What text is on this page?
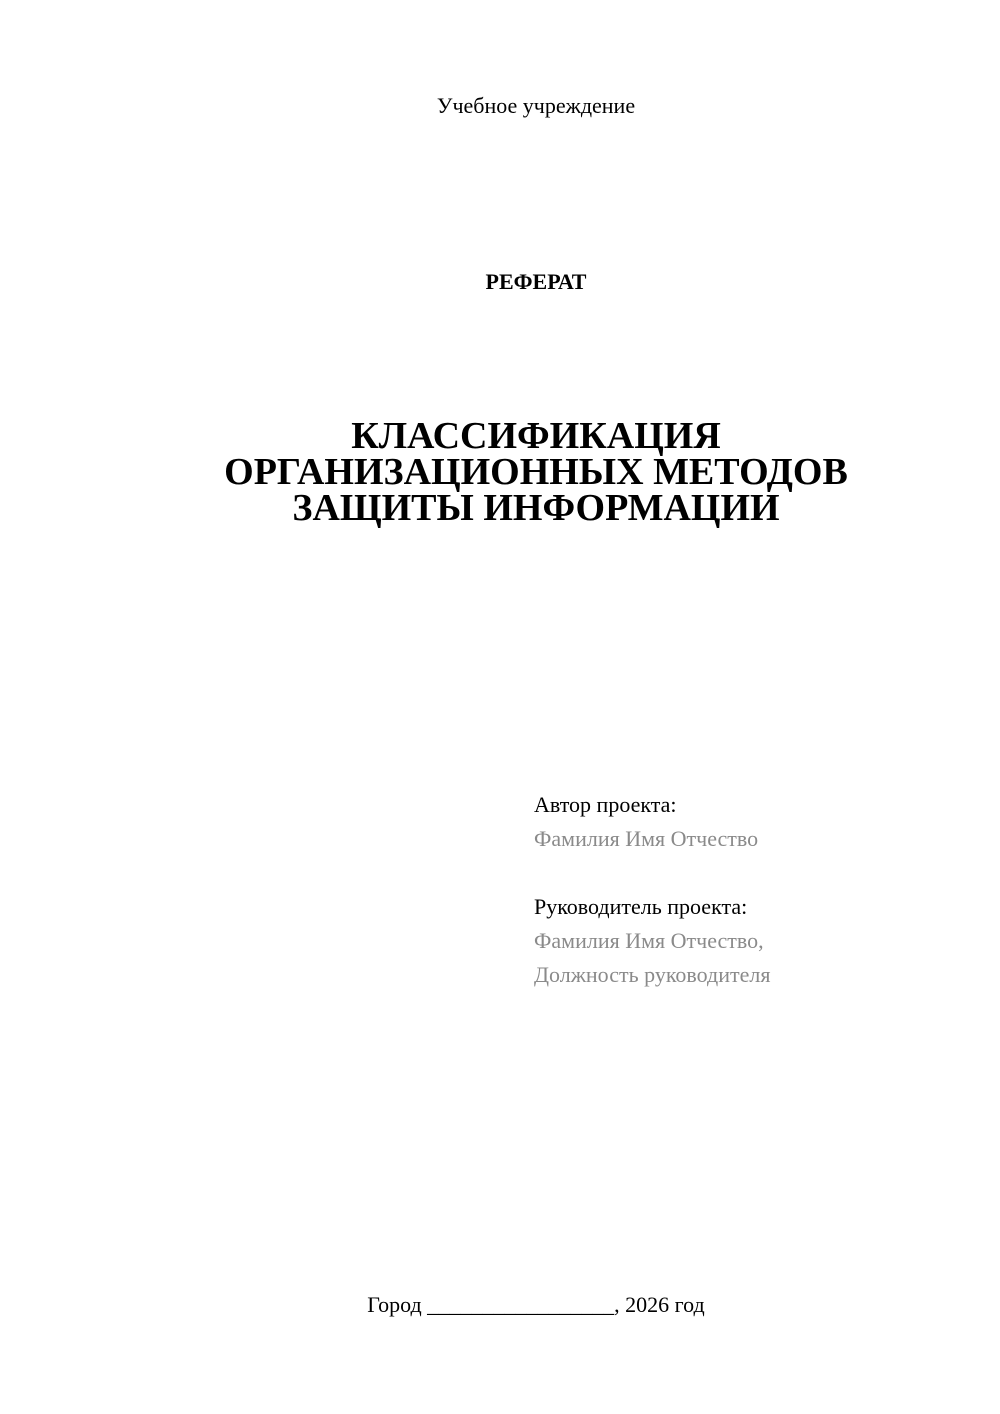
Учебное учреждение
РЕФЕРАТ
КЛАССИФИКАЦИЯ
ОРГАНИЗАЦИОННЫХ МЕТОДОВ
ЗАЩИТЫ ИНФОРМАЦИИ
Автор проекта:
Фамилия Имя Отчество
Руководитель проекта:
Фамилия Имя Отчество,
Должность руководителя
Город _________________, 2026 год
